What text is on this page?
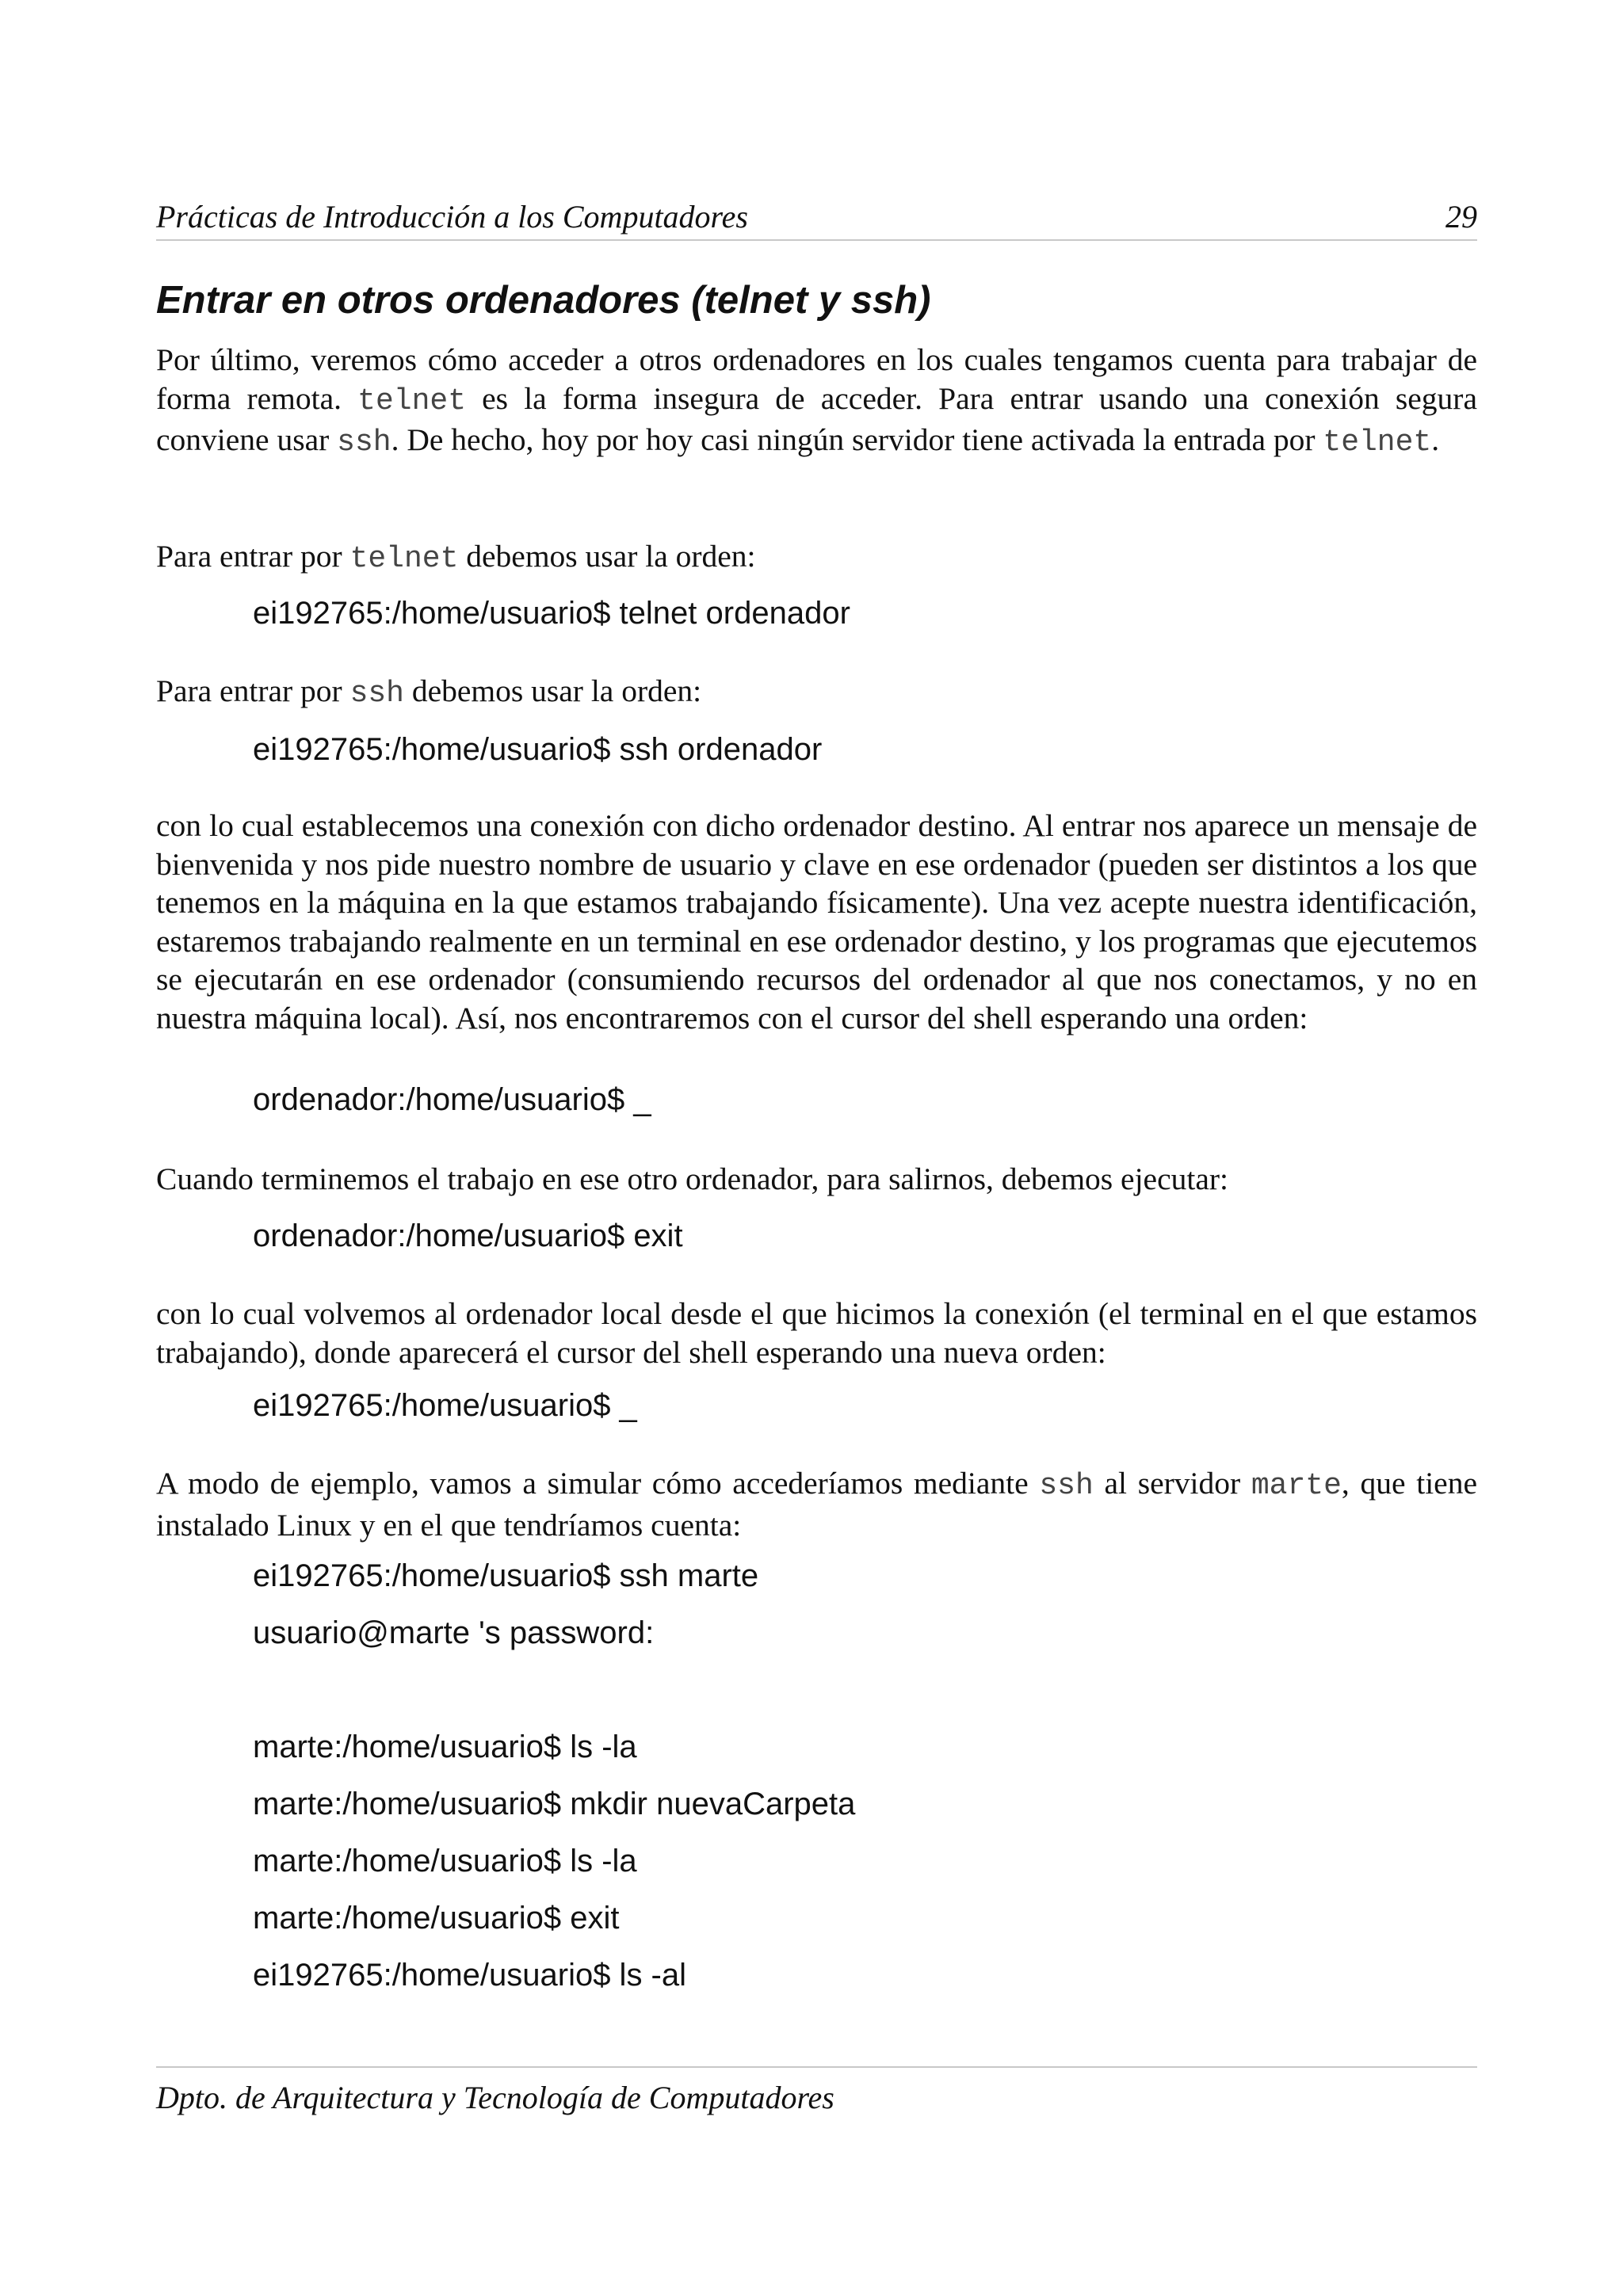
Prácticas de Introducción a los Computadores	29
Entrar en otros ordenadores (telnet y ssh)

Por último, veremos cómo acceder a otros ordenadores en los cuales tengamos cuenta para trabajar de forma remota. telnet es la forma insegura de acceder. Para entrar usando una conexión segura conviene usar ssh. De hecho, hoy por hoy casi ningún servidor tiene activada la entrada por telnet.

Para entrar por telnet debemos usar la orden:

ei192765:/home/usuario$ telnet ordenador

Para entrar por ssh debemos usar la orden:

ei192765:/home/usuario$ ssh ordenador

con lo cual establecemos una conexión con dicho ordenador destino. Al entrar nos aparece un mensaje de bienvenida y nos pide nuestro nombre de usuario y clave en ese ordenador (pueden ser distintos a los que tenemos en la máquina en la que estamos trabajando físicamente). Una vez acepte nuestra identificación, estaremos trabajando realmente en un terminal en ese ordenador destino, y los programas que ejecutemos se ejecutarán en ese ordenador (consumiendo recursos del ordenador al que nos conectamos, y no en nuestra máquina local). Así, nos encontraremos con el cursor del shell esperando una orden:

ordenador:/home/usuario$ _

Cuando terminemos el trabajo en ese otro ordenador, para salirnos, debemos ejecutar:

ordenador:/home/usuario$ exit

con lo cual volvemos al ordenador local desde el que hicimos la conexión (el terminal en el que estamos trabajando), donde aparecerá el cursor del shell esperando una nueva orden:

ei192765:/home/usuario$ _

A modo de ejemplo, vamos a simular cómo accederíamos mediante ssh al servidor marte, que tiene instalado Linux y en el que tendríamos cuenta:

ei192765:/home/usuario$ ssh marte
usuario@marte 's password:
marte:/home/usuario$ ls -la
marte:/home/usuario$ mkdir nuevaCarpeta
marte:/home/usuario$ ls -la
marte:/home/usuario$ exit
ei192765:/home/usuario$ ls -al
Dpto. de Arquitectura y Tecnología de Computadores
